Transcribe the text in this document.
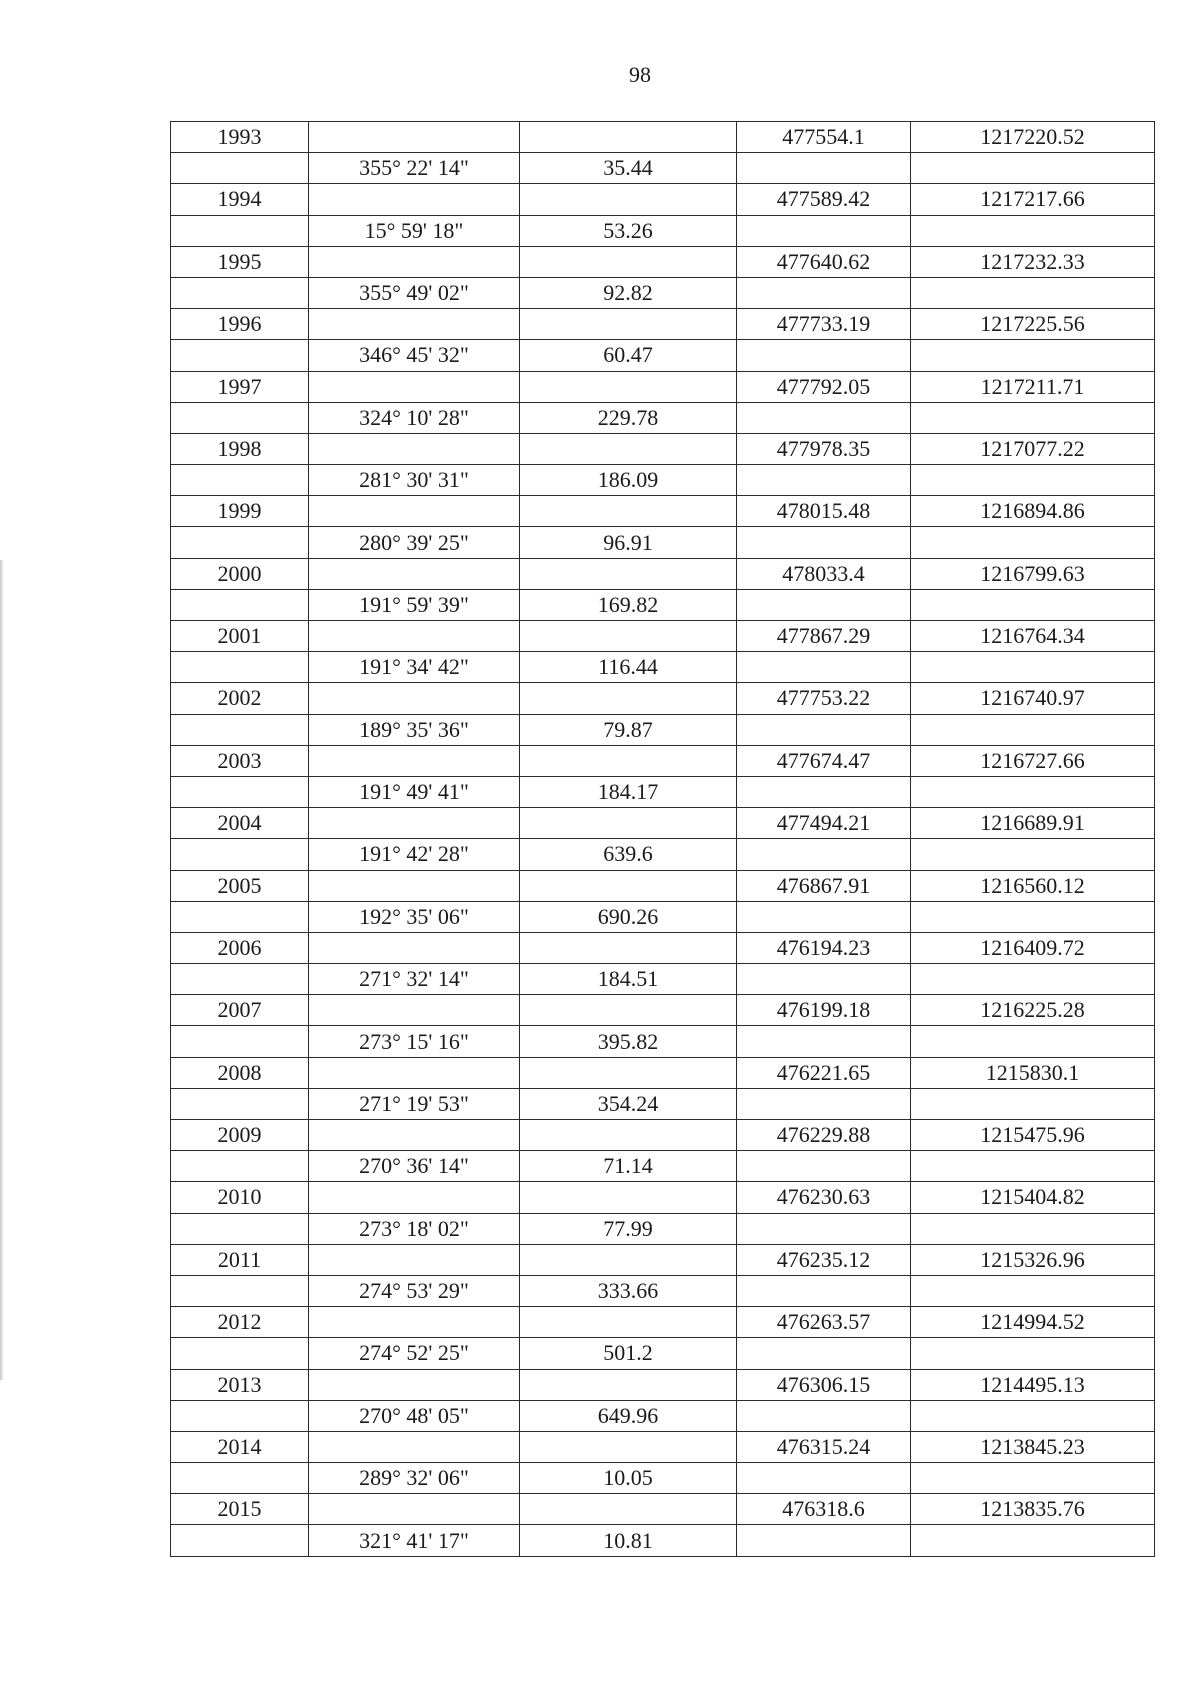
98
1993			477554.1	1217220.52
	355° 22' 14"	35.44		
1994			477589.42	1217217.66
	15° 59' 18"	53.26		
1995			477640.62	1217232.33
	355° 49' 02"	92.82		
1996			477733.19	1217225.56
	346° 45' 32"	60.47		
1997			477792.05	1217211.71
	324° 10' 28"	229.78		
1998			477978.35	1217077.22
	281° 30' 31"	186.09		
1999			478015.48	1216894.86
	280° 39' 25"	96.91		
2000			478033.4	1216799.63
	191° 59' 39"	169.82		
2001			477867.29	1216764.34
	191° 34' 42"	116.44		
2002			477753.22	1216740.97
	189° 35' 36"	79.87		
2003			477674.47	1216727.66
	191° 49' 41"	184.17		
2004			477494.21	1216689.91
	191° 42' 28"	639.6		
2005			476867.91	1216560.12
	192° 35' 06"	690.26		
2006			476194.23	1216409.72
	271° 32' 14"	184.51		
2007			476199.18	1216225.28
	273° 15' 16"	395.82		
2008			476221.65	1215830.1
	271° 19' 53"	354.24		
2009			476229.88	1215475.96
	270° 36' 14"	71.14		
2010			476230.63	1215404.82
	273° 18' 02"	77.99		
2011			476235.12	1215326.96
	274° 53' 29"	333.66		
2012			476263.57	1214994.52
	274° 52' 25"	501.2		
2013			476306.15	1214495.13
	270° 48' 05"	649.96		
2014			476315.24	1213845.23
	289° 32' 06"	10.05		
2015			476318.6	1213835.76
	321° 41' 17"	10.81		
